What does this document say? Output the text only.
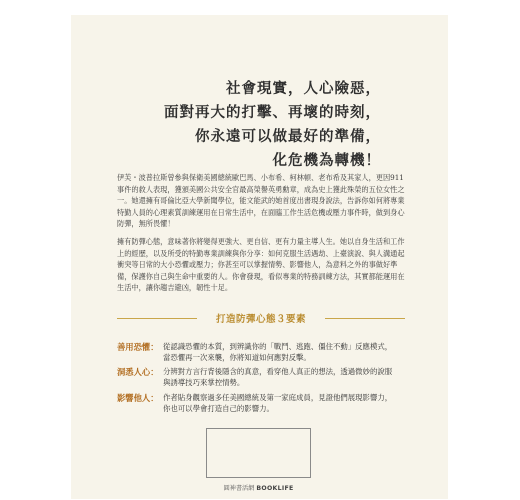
社會現實，人心險惡，
面對再大的打擊、再壞的時刻，
你永遠可以做最好的準備，
化危機為轉機！

伊芙・波普拉斯曾參與保衛美國總統歐巴馬、小布希、柯林頓、老布希及其家人，更因911事件的救人表現，獲頒美國公共安全官最高榮譽英勇勳章，成為史上獲此殊榮的五位女性之一。她還擁有哥倫比亞大學新聞學位，能文能武的她首度出書現身說法，告訴你如何將專業特勤人員的心理素質訓練運用在日常生活中，在面臨工作生活危機或壓力事件時，做到身心防彈，無所畏懼！

擁有防彈心態，意味著你將變得更強大、更自信、更有力量主導人生。她以自身生活和工作上的經歷，以及所受的特勤專業訓練與你分享：如何克服生活遇劫、上臺演說、與人溝通起衝突等日常的大小恐懼或壓力；你甚至可以掌握情勢、影響他人，為意料之外的事做好準備，保護你自己與生命中重要的人。你會發現，看似專業的特務訓練方法，其實都能運用在生活中，讓你趨吉避凶，韌性十足。

打造防彈心態３要素
善用恐懼： 從認識恐懼的本質，到辨識你的「戰鬥、逃跑、僵住不動」反應模式，
當恐懼再一次來襲，你將知道如何應對反擊。
洞悉人心： 分辨對方言行背後隱含的真意，看穿他人真正的想法，透過微妙的說服
與誘導技巧來掌控情勢。
影響他人： 作者貼身觀察過多任美國總統及第一家庭成員，見證他們展現影響力，
你也可以學會打造自己的影響力。
圓神書活網 BOOKLIFE
